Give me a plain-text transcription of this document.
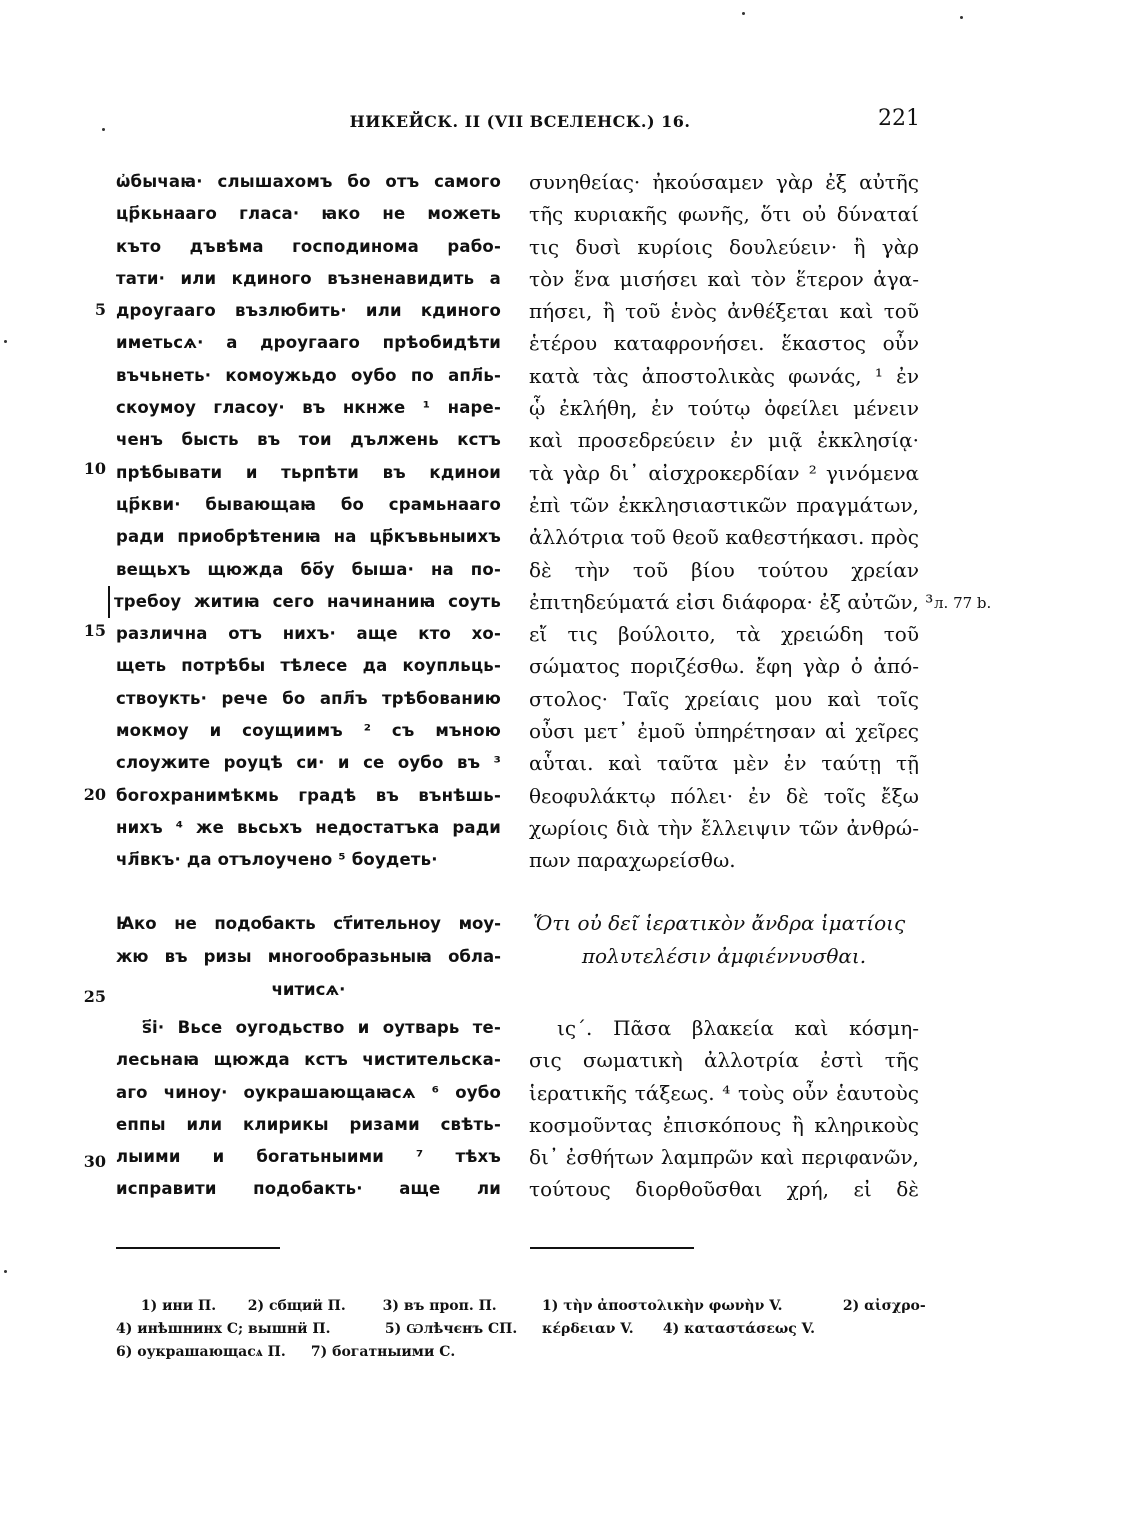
НИКЕЙСК. II (VII ВСЕЛЕНСК.) 16.	221
ѡ҆бычаꙗ· слышахомъ бо отъ самого
цр҃кьнааго гласа· ꙗко не можеть
къто дъвѣма господинома рабо-
тати· или кдиного възненавидить а
дроугаагo възлюбить· или кдиного
иметьсѧ· а дроугаагo прѣобидѣти
въчьнеть· комоужьдо оубо по апл҃ь-
скоумоу гласоу· въ нкнже ¹ наре-
ченъ бысть въ тои дължень кстъ
прѣбывати и тьрпѣти въ кдинои
цр҃кви· бывающаꙗ бо срамьнааго
ради приобрѣтениꙗ на цр҃къвьныихъ
вещьхъ щюжда бо҃у быша· на по-
требоу житиꙗ сего начинаниꙗ соуть
различна отъ нихъ· аще кто хо-
щеть потрѣбы тѣлесе да коупльць-
ствоукть· рече бо апл҃ъ трѣбованию
мокмоу и соущиимъ ² съ мъною
слоужите роуцѣ си· и се оубо въ ³
богохранимѣкмь градѣ въ вънѣшь-
нихъ ⁴ же вьсьхъ недостатъка ради
чл҃вкъ· да отълоучено ⁵ боудеть·
συνηθείας· ἠκούσαμεν γὰρ ἐξ αὐτῆς
τῆς κυριακῆς φωνῆς, ὅτι οὐ δύναταί
τις δυσὶ κυρίοις δουλεύειν· ἢ γὰρ
τὸν ἕνα μισήσει καὶ τὸν ἕτερον ἀγα-
πήσει, ἢ τοῦ ἑνὸς ἀνθέξεται καὶ τοῦ
ἑτέρου καταφρονήσει. ἕκαστος οὖν
κατὰ τὰς ἀποστολικὰς φωνάς, ¹ ἐν
ᾧ ἐκλήθη, ἐν τούτῳ ὀφείλει μένειν
καὶ προσεδρεύειν ἐν μιᾷ ἐκκλησίᾳ·
τὰ γὰρ δι᾽ αἰσχροκερδίαν ² γινόμενα
ἐπὶ τῶν ἐκκλησιαστικῶν πραγμάτων,
ἀλλότρια τοῦ θεοῦ καθεστήκασι. πρὸς
δὲ τὴν τοῦ βίου τούτου χρείαν
ἐπιτηδεύματά εἰσι διάφορα· ἐξ αὐτῶν, ³
εἴ τις βούλοιτο, τὰ χρειώδη τοῦ
σώματος ποριζέσθω. ἔφη γὰρ ὁ ἀπό-
στολος· Ταῖς χρείαις μου καὶ τοῖς
οὖσι μετ᾽ ἐμοῦ ὑπηρέτησαν αἱ χεῖρες
αὗται. καὶ ταῦτα μὲν ἐν ταύτῃ τῇ
θεοφυλάκτῳ πόλει· ἐν δὲ τοῖς ἔξω
χωρίοις διὰ τὴν ἔλλειψιν τῶν ἀνθρώ-
πων παραχωρείσθω.
5
10
15
20
25
30
л. 77 b.
Ꙗко не подобакть ст҃ительноу моу-
жю въ ризы многообразьныꙗ облa-
читисѧ·
Ὅτι οὐ δεῖ ἱερατικὸν ἄνδρα ἱματίοις
πολυτελέσιν ἀμφιέννυσθαι.
ѕ҃і· Вьсе оугодьство и оутварь те-
лесьнаꙗ щюжда кстъ чиститeльска-
аго чиноу· оукрашающаꙗсѧ ⁶ оубо
еппы или клирикы ризами свѣть-
лыими и богатьныими ⁷ тѣхъ
исправити подобакть· аще ли
ις´. Πᾶσα βλακεία καὶ κόσμη-
σις σωματικὴ ἀλλοτρία ἐστὶ τῆς
ἱερατικῆς τάξεως. ⁴ τοὺς οὖν ἑαυτοὺς
κοσμοῦντας ἐπισκόπους ἢ κληρικοὺς
δι᾽ ἐσθήτων λαμπρῶν καὶ περιφανῶν,
τούτους διορθοῦσθαι χρή, εἰ δὲ
1) ини П. 2) сбщиӥ П.	3) въ проп. П.
4) инѣшнинх С; вышнӥ П.	5) Ѡлѣчєнъ СП.
6) оукрашающасѧ П. 7) богатныими С.
1) τὴν ἀποστολικὴν φωνὴν V.	2) αἰσχρο-
κέρδειαν V. 4) καταστάσεως V.
